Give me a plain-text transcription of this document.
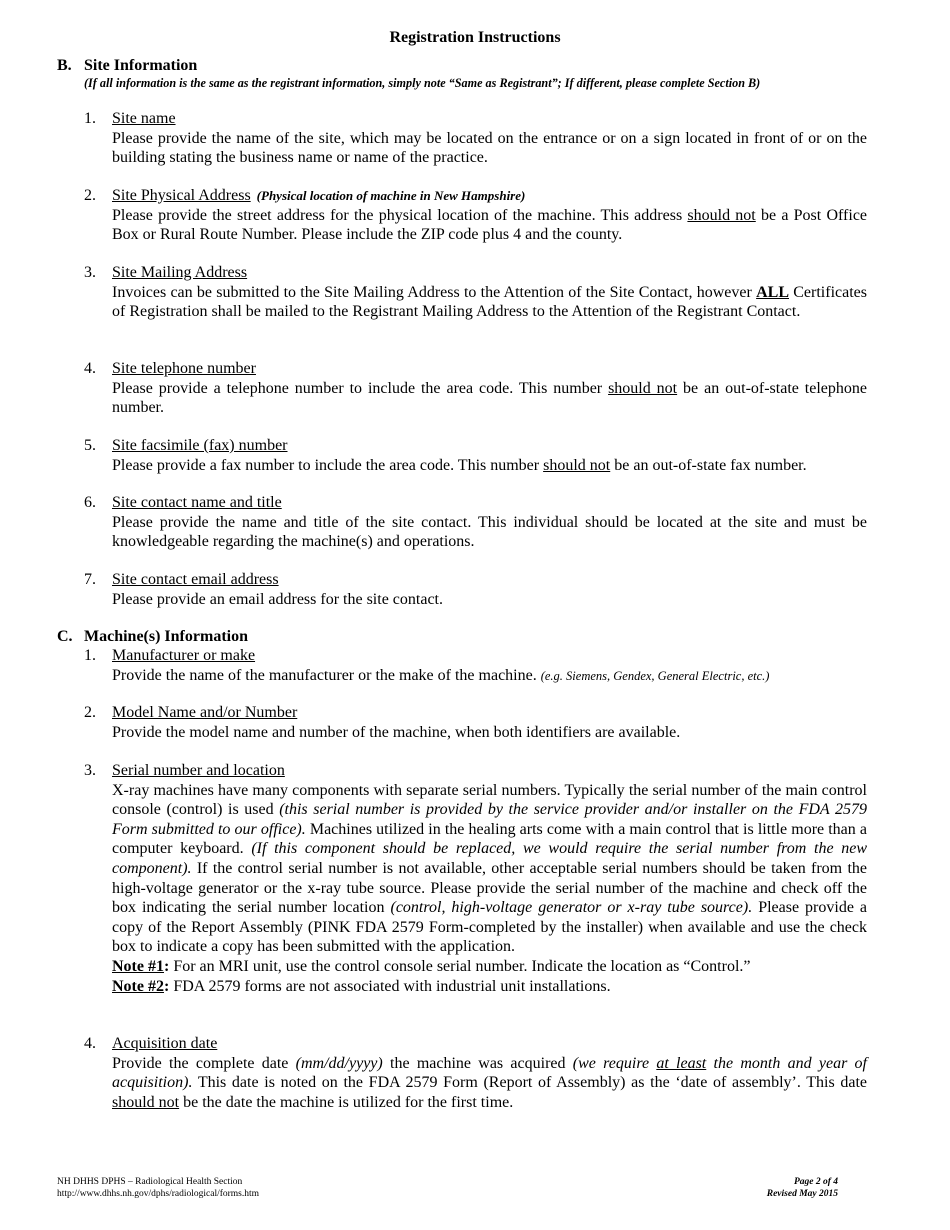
Registration Instructions
B. Site Information
(If all information is the same as the registrant information, simply note “Same as Registrant”; If different, please complete Section B)
1. Site name
Please provide the name of the site, which may be located on the entrance or on a sign located in front of or on the building stating the business name or name of the practice.
2. Site Physical Address (Physical location of machine in New Hampshire)
Please provide the street address for the physical location of the machine. This address should not be a Post Office Box or Rural Route Number. Please include the ZIP code plus 4 and the county.
3. Site Mailing Address
Invoices can be submitted to the Site Mailing Address to the Attention of the Site Contact, however ALL Certificates of Registration shall be mailed to the Registrant Mailing Address to the Attention of the Registrant Contact.
4. Site telephone number
Please provide a telephone number to include the area code. This number should not be an out-of-state telephone number.
5. Site facsimile (fax) number
Please provide a fax number to include the area code. This number should not be an out-of-state fax number.
6. Site contact name and title
Please provide the name and title of the site contact. This individual should be located at the site and must be knowledgeable regarding the machine(s) and operations.
7. Site contact email address
Please provide an email address for the site contact.
C. Machine(s) Information
1. Manufacturer or make
Provide the name of the manufacturer or the make of the machine. (e.g. Siemens, Gendex, General Electric, etc.)
2. Model Name and/or Number
Provide the model name and number of the machine, when both identifiers are available.
3. Serial number and location
X-ray machines have many components with separate serial numbers. Typically the serial number of the main control console (control) is used (this serial number is provided by the service provider and/or installer on the FDA 2579 Form submitted to our office). Machines utilized in the healing arts come with a main control that is little more than a computer keyboard. (If this component should be replaced, we would require the serial number from the new component). If the control serial number is not available, other acceptable serial numbers should be taken from the high-voltage generator or the x-ray tube source. Please provide the serial number of the machine and check off the box indicating the serial number location (control, high-voltage generator or x-ray tube source). Please provide a copy of the Report Assembly (PINK FDA 2579 Form-completed by the installer) when available and use the check box to indicate a copy has been submitted with the application.
Note #1: For an MRI unit, use the control console serial number. Indicate the location as “Control.”
Note #2: FDA 2579 forms are not associated with industrial unit installations.
4. Acquisition date
Provide the complete date (mm/dd/yyyy) the machine was acquired (we require at least the month and year of acquisition). This date is noted on the FDA 2579 Form (Report of Assembly) as the ‘date of assembly’. This date should not be the date the machine is utilized for the first time.
NH DHHS DPHS – Radiological Health Section
http://www.dhhs.nh.gov/dphs/radiological/forms.htm
Page 2 of 4
Revised May 2015
